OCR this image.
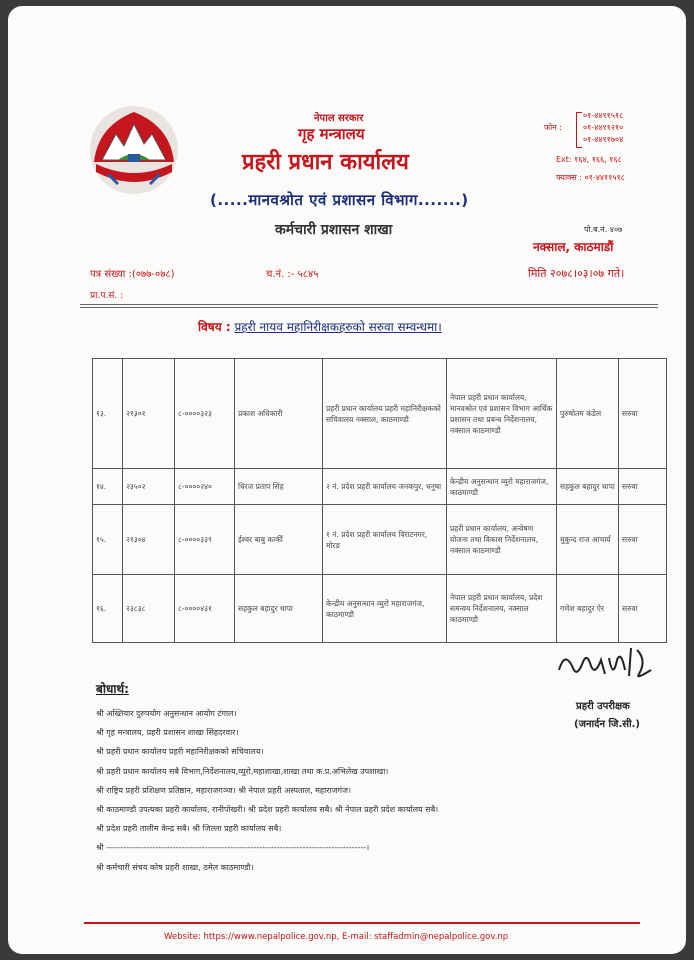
नेपाल सरकार
गृह मन्त्रालय
प्रहरी प्रधान कार्यालय
(.....मानवश्रोत एवं प्रशासन विभाग.......)
कर्मचारी प्रशासन शाखा
फोन :
०१-४४११५१८
०१-४४११२१०
०१-४४११७०४
Ext: १६४, १६६, १६८
फ्याक्स : ०१-४४११५१८
पो.ब.नं. ४०७
नक्साल, काठमाडौं
पत्र संख्या :(०७७-०७८)	च.नं. :- ५८४५	मिति २०७८।०३।०७ गते।
प्रा.प.सं. :
विषय : प्रहरी नायव महानिरीक्षकहरुको सरुवा सम्वन्धमा।
१३.	२१३०१	८-००००३२३	प्रकाश अधिकारी	प्रहरी प्रधान कार्यालय प्रहरी महानिरीक्षकको सचिवालय नक्साल, काठमाण्डौ	नेपाल प्रहरी प्रधान कार्यालय, मानवश्रोत एवं प्रशासन विभाग आर्थिक प्रशासन तथा प्रबन्ध निर्देशनालय, नक्साल काठमाण्डौ	पुरुषोतम कंडेल	सरुवा
१४.	२३५०२	८-००००२४०	धिरज प्रताप सिंह	२ नं. प्रदेश प्रहरी कार्यालय जनकपुर, धनुषा	केन्द्रीय अनुसन्धान व्युरो महाराजगंज, काठमाण्डौ	सहकुल बहादुर थापा	सरुवा
१५.	२१३०४	८-००००३३९	ईश्वर बाबु कार्की	१ नं. प्रदेश प्रहरी कार्यालय विराटनगर, मोरङ	प्रहरी प्रधान कार्यालय, अन्वेषण योजना तथा विकास निर्देशनालय, नक्साल काठमाण्डौ	मुकुन्द राज आचार्य	सरुवा
१६.	२३८३८	८-००००४३१	सहकुल बहादुर थापा	केन्द्रीय अनुसन्धान व्युरो महाराजगंज, काठमाण्डौ	नेपाल प्रहरी प्रधान कार्यालय, प्रदेश समन्वय निर्देशनालय, नक्साल काठमाण्डौ	गणेश बहादुर ऐर	सरुवा
प्रहरी उपरीक्षक
(जनार्दन जि.सी.)
बोधार्थ:
श्री अख्तियार दुरुपयोग अनुसन्धान आयोग टंगाल।
श्री गृह मन्त्रालय, प्रहरी प्रशासन शाखा सिंहदरवार।
श्री प्रहरी प्रधान कार्यालय प्रहरी महानिरीक्षकको सचिवालय।
श्री प्रहरी प्रधान कार्यालय सबै विभाग,निर्देशनालय,व्युरो,महाशाखा,शाखा तथा क.प्र.अभिलेख उपशाखा।
श्री राष्ट्रिय प्रहरी प्रशिक्षण प्रतिष्ठान, महाराजगञ्ज। श्री नेपाल प्रहरी अस्पताल, महाराजगंज।
श्री काठमाण्डौ उपत्यका प्रहरी कार्यालय, रानीपोखरी। श्री प्रदेश प्रहरी कार्यालय सबै। श्री नेपाल प्रहरी प्रदेश कार्यालय सबै।
श्री प्रदेश प्रहरी तालीम केन्द्र सबै। श्री जिल्ला प्रहरी कार्यालय सबै।
श्री ------------------------------------------------------------------------------------------।
श्री कर्मचारी संचय कोष प्रहरी शाखा, ठमेल काठमाण्डौ।
Website: https://www.nepalpolice.gov.np, E-mail: staffadmin@nepalpolice.gov.np
